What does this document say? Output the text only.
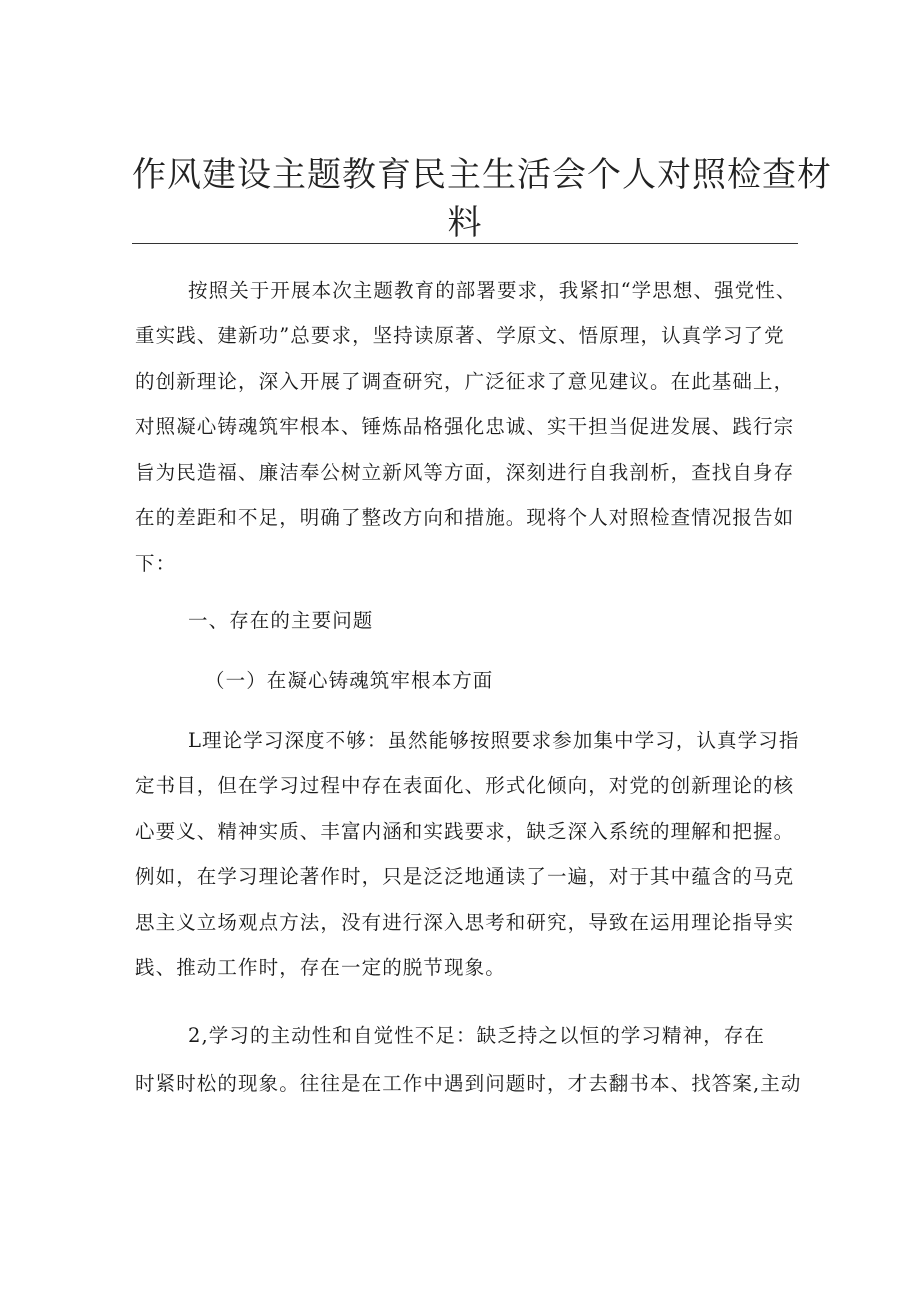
作风建设主题教育民主生活会个人对照检查材
料
按照关于开展本次主题教育的部署要求，我紧扣“学思想、强党性、
重实践、建新功”总要求，坚持读原著、学原文、悟原理，认真学习了党
的创新理论，深入开展了调查研究，广泛征求了意见建议。在此基础上，
对照凝心铸魂筑牢根本、锤炼品格强化忠诚、实干担当促进发展、践行宗
旨为民造福、廉洁奉公树立新风等方面，深刻进行自我剖析，查找自身存
在的差距和不足，明确了整改方向和措施。现将个人对照检查情况报告如
下：
一、存在的主要问题
（一）在凝心铸魂筑牢根本方面
L理论学习深度不够：虽然能够按照要求参加集中学习，认真学习指
定书目，但在学习过程中存在表面化、形式化倾向，对党的创新理论的核
心要义、精神实质、丰富内涵和实践要求，缺乏深入系统的理解和把握。
例如，在学习理论著作时，只是泛泛地通读了一遍，对于其中蕴含的马克
思主义立场观点方法，没有进行深入思考和研究，导致在运用理论指导实
践、推动工作时，存在一定的脱节现象。
2,学习的主动性和自觉性不足：缺乏持之以恒的学习精神，存在
时紧时松的现象。往往是在工作中遇到问题时，才去翻书本、找答案,主动
